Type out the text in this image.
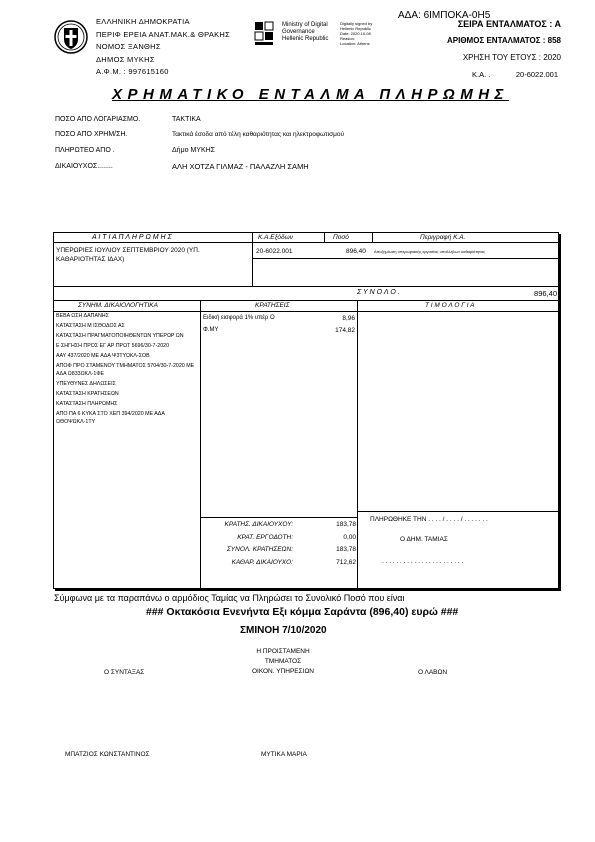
ΕΛΛΗΝΙΚΗ ΔΗΜΟΚΡΑΤΙΑ
ΠΕΡΙΦ ΕΡΕΙΑ ΑΝΑΤ.ΜΑΚ.& ΘΡΑΚΗΣ
ΝΟΜΟΣ ΞΑΝΘΗΣ
ΔΗΜΟΣ ΜΥΚΗΣ
Α.Φ.Μ. : 997615160
Ministry of Digital
Governance
Hellenic Republic
Digitally signed by
Hellenic Republic
Date: 2020.10.08
Reason:
Location: Athens
ΑΔΑ: 6ΙΜΠΟΚΑ-0Η5
ΣΕΙΡΑ ΕΝΤΑΛΜΑΤΟΣ : Α
ΑΡΙΘΜΟΣ ΕΝΤΑΛΜΑΤΟΣ : 858
ΧΡΗΣΗ ΤΟΥ ΕΤΟΥΣ : 2020
Κ.Α. .	20-6022.001
ΧΡΗΜΑΤΙΚΟ ΕΝΤΑΛΜΑ ΠΛΗΡΩΜΗΣ
ΠΟΣΟ ΑΠΟ ΛΟΓΑΡΙΑΣΜΟ.	ΤΑΚΤΙΚΑ
ΠΟΣΟ ΑΠΟ ΧΡΗΜ/ΣΗ.	Τακτικά έσοδα από τέλη καθαριότητας και ηλεκτροφωτισμού
ΠΛΗΡΩΤΕΟ ΑΠΟ .	Δήμο ΜΥΚΗΣ
ΔΙΚΑΙΟΥΧΟΣ........	ΑΛΗ ΧΟΤΖΑ ΓΙΛΜΑΖ - ΠΑΛΑΖΛΗ ΣΑΜΗ
Α Ι Τ Ι Α Π Λ Η Ρ Ω Μ Η Σ	Κ.Α.Εξόδων	Ποσό	Περιγραφή Κ.Α.
ΥΠΕΡΩΡΙΕΣ ΙΟΥΛΙΟΥ ΣΕΠΤΕΜΒΡΙΟΥ 2020 (ΥΠ.
ΚΑΘΑΡΙΟΤΗΤΑΣ ΙΔΑΧ)
20-6022.001	896,40 Αποζημίωση υπερωριακής εργασίας υπαλλήλων καθαριότητας
Σ Υ Ν Ο Λ Ο .	896,40
ΣΥΝΗΜ. ΔΙΚΑΙΟΛΟΓΗΤΙΚΑ	ΚΡΑΤΗΣΕΙΣ	Τ Ι Μ Ο Λ Ο Γ Ι Α
ΒΕΒΑ ΩΣΗ ΔΑΠΑΝΗΣ
ΚΑΤΑΣΤΑΣΗ Μ ΙΣΘΟΔΟΣ ΑΣ
ΚΑΤΑΣΤΑΣΗ ΠΡΑΓΜΑΤΟΠΟΙΗΘΕΝΤΩΝ ΥΠΕΡΩΡ ΩΝ
Ε ΣΗΓΗΣΗ ΠΡΟΣ ΕΓ ΑΡ ΠΡΩΤ 5696/30-7-2020
ΑΑΥ 437/2020 ΜΕ ΑΔΑ Ψ3ΤΥΩΚΛ-ΣΟΒ
ΑΠΟΦ ΠΡΟ ΣΤΑΜΕΝΟΥ ΤΜΗΜΑΤΟΣ 5704/30-7-2020 ΜΕ ΑΔΑ Ω833ΩΚΛ-1ΦΕ
ΥΠΕΥΘΥΝΕΣ ΔΗΛΩΣΕΙΣ
ΚΑΤΑΣΤΑΣΗ ΚΡΑΤΗΣΕΩΝ
ΚΑΤΑΣΤΑΣΗ ΠΛΗΡΩΜΗΣ
ΑΠΟ ΠΑ 6 ΚΥΚΑ ΣΤΟ ΧΕΠ 394/2020 ΜΕ ΑΔΑ ΩΘΟΨΩΚΛ-1ΤΥ
Ειδική εισφορά 1% υπέρ Ο	8,96
Φ.ΜΥ	174,82
ΚΡΑΤΗΣ. ΔΙΚΑΙΟΥΧΟΥ:	183,78
ΚΡΑΤ. ΕΡΓΟΔΟΤΗ:	0,00
ΣΥΝΟΛ. ΚΡΑΤΗΣΕΩΝ:	183,78
ΚΑΘΑΡ. ΔΙΚΑΙΟΥΧΟ:	712,62
ΠΛΗΡΩΘΗΚΕ ΤΗΝ . . . . / . . . . / . . . . . . .
Ο ΔΗΜ. ΤΑΜΙΑΣ
. . . . . . . . . . . . . . . . . . . . . . .
Σύμφωνα με τα παραπάνω ο αρμόδιος Ταμίας να Πληρώσει το Συνολικό Ποσό που είναι
### Οκτακόσια Ενενήντα Εξι κόμμα Σαράντα (896,40) ευρώ ###
ΣΜΙΝΟΗ 7/10/2020
Η ΠΡΟΙΣΤΑΜΕΝΗ
ΤΜΗΜΑΤΟΣ
ΟΙΚΟΝ. ΥΠΗΡΕΣΙΩΝ
Ο ΣΥΝΤΑΞΑΣ	Ο ΛΑΒΩΝ
ΜΠΑΤΖΙΟΣ ΚΩΝΣΤΑΝΤΙΝΟΣ	ΜΥΤΙΚΑ ΜΑΡΙΑ
